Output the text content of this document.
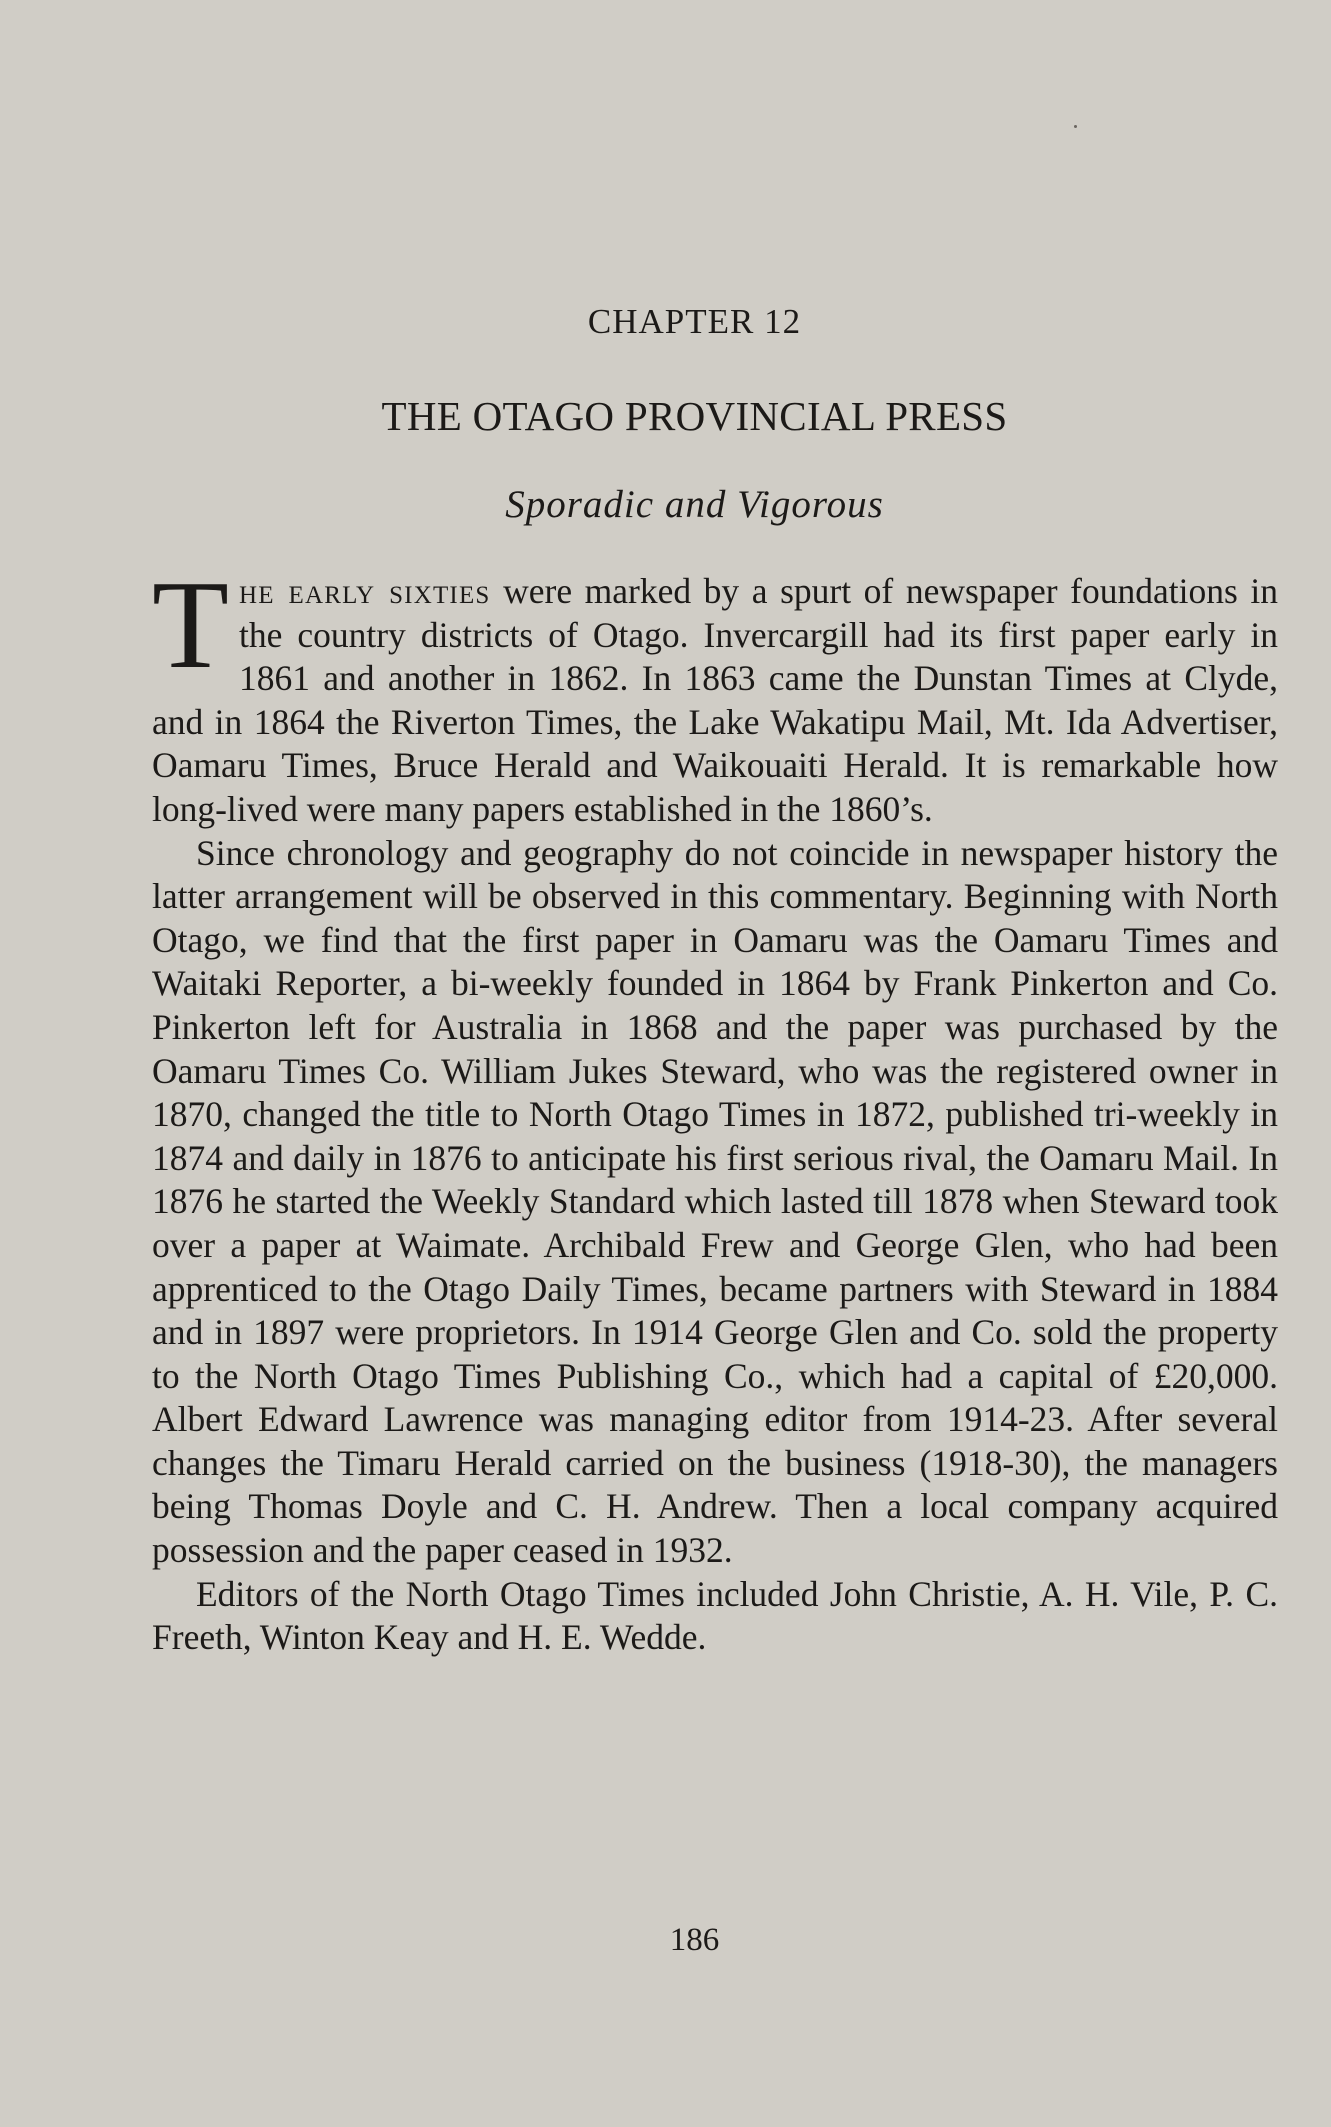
CHAPTER 12
THE OTAGO PROVINCIAL PRESS
Sporadic and Vigorous

The early sixties were marked by a spurt of newspaper foundations in the country districts of Otago. Invercargill had its first paper early in 1861 and another in 1862. In 1863 came the Dunstan Times at Clyde, and in 1864 the Riverton Times, the Lake Wakatipu Mail, Mt. Ida Advertiser, Oamaru Times, Bruce Herald and Waikouaiti Herald. It is remarkable how long-lived were many papers established in the 1860’s.

Since chronology and geography do not coincide in newspaper history the latter arrangement will be observed in this commentary. Beginning with North Otago, we find that the first paper in Oamaru was the Oamaru Times and Waitaki Reporter, a bi-weekly founded in 1864 by Frank Pinkerton and Co. Pinkerton left for Australia in 1868 and the paper was purchased by the Oamaru Times Co. William Jukes Steward, who was the registered owner in 1870, changed the title to North Otago Times in 1872, published tri-weekly in 1874 and daily in 1876 to anticipate his first serious rival, the Oamaru Mail. In 1876 he started the Weekly Standard which lasted till 1878 when Steward took over a paper at Waimate. Archibald Frew and George Glen, who had been apprenticed to the Otago Daily Times, became partners with Steward in 1884 and in 1897 were proprietors. In 1914 George Glen and Co. sold the property to the North Otago Times Publishing Co., which had a capital of £20,000. Albert Edward Lawrence was managing editor from 1914-23. After several changes the Timaru Herald carried on the business (1918-30), the managers being Thomas Doyle and C. H. Andrew. Then a local company acquired possession and the paper ceased in 1932.

Editors of the North Otago Times included John Christie, A. H. Vile, P. C. Freeth, Winton Keay and H. E. Wedde.

186
